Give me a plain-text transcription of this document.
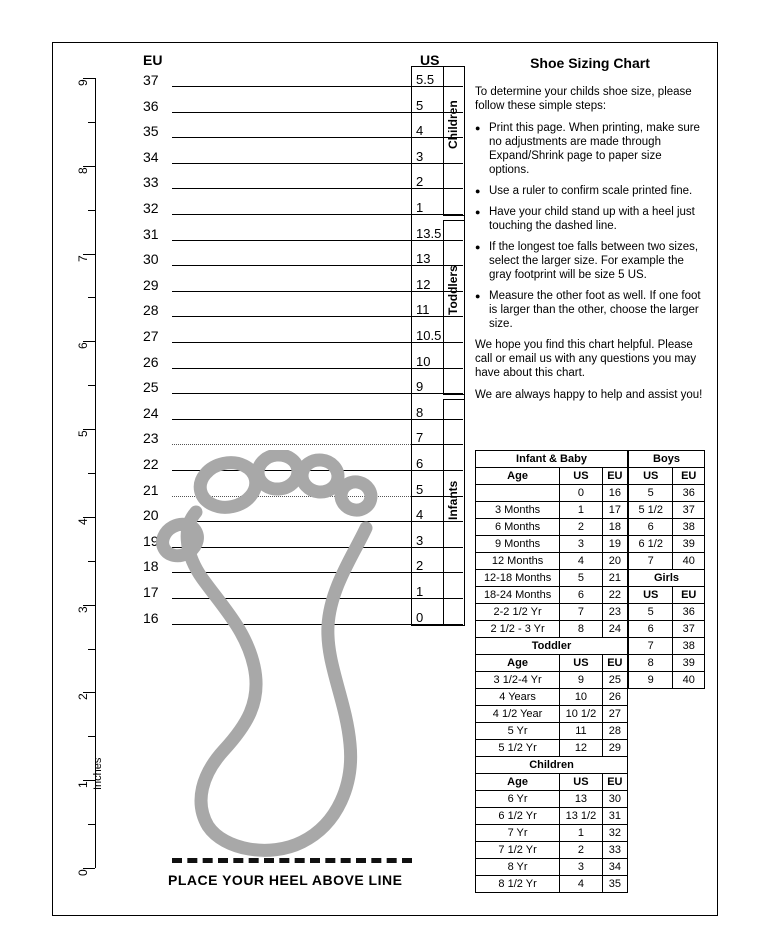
EU	US
9
8
7
6
5
4
3
2
1
0
Inches
37	5.5
36	5
35	4
34	3
33	2
32	1
31	13.5
30	13
29	12
28	11
27	10.5
26	10
25	9
24	8
23	7
22	6
21	5
20	4
19	3
18	2
17	1
16	0
Infants
PLACE YOUR HEEL ABOVE LINE
Shoe Sizing Chart
To determine your childs shoe size, please follow these simple steps:
● Print this page. When printing, make sure no adjustments are made through Expand/Shrink page to paper size options.
● Use a ruler to confirm scale printed fine.
● Have your child stand up with a heel just touching the dashed line.
● If the longest toe falls between two sizes, select the larger size. For example the gray footprint will be size 5 US.
● Measure the other foot as well. If one foot is larger than the other, choose the larger size.
We hope you find this chart helpful. Please call or email us with any questions you may have about this chart.
We are always happy to help and assist you!
Infant & Baby		
Age	US	EU
	0	16
3 Months	1	17
6 Months	2	18
9 Months	3	19
12 Months	4	20
12-18 Months	5	21
18-24 Months	6	22
2-2 1/2 Yr	7	23
2 1/2 - 3 Yr	8	24
Toddler		
Age	US	EU
3 1/2-4 Yr	9	25
4 Years	10	26
4 1/2 Year	10 1/2	27
5 Yr	11	28
5 1/2 Yr	12	29
Children		
Age	US	EU
6 Yr	13	30
6 1/2 Yr	13 1/2	31
7 Yr	1	32
7 1/2 Yr	2	33
8 Yr	3	34
8 1/2 Yr	4	35
Boys	
US	EU
5	36
5 1/2	37
6	38
6 1/2	39
7	40
Girls	
US	EU
5	36
6	37
7	38
8	39
9	40
